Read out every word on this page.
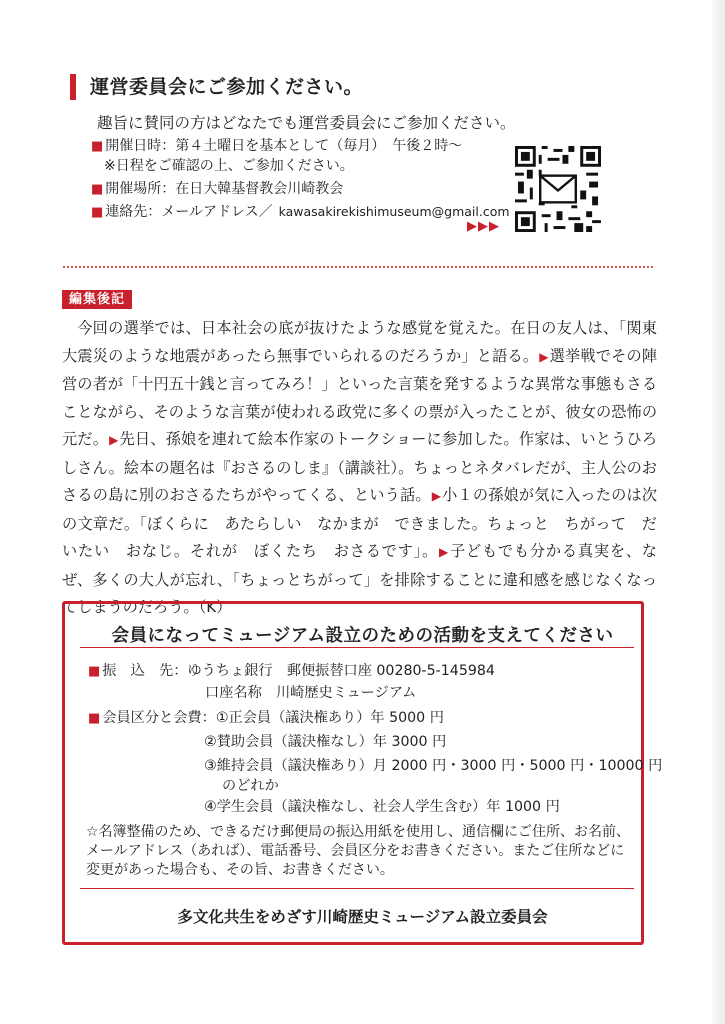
運営委員会にご参加ください。
趣旨に賛同の方はどなたでも運営委員会にご参加ください。
■ 開催日時：第４土曜日を基本として（毎月）　午後２時〜
※日程をご確認の上、ご参加ください。
■ 開催場所：在日大韓基督教会川崎教会
■ 連絡先：メールアドレス／ kawasakirekishimuseum@gmail.com
▶▶▶
編集後記

今回の選挙では、日本社会の底が抜けたような感覚を覚えた。在日の友人は、「関東大震災のような地震があったら無事でいられるのだろうか」と語る。▶選挙戦でその陣営の者が「十円五十銭と言ってみろ！」といった言葉を発するような異常な事態もさることながら、そのような言葉が使われる政党に多くの票が入ったことが、彼女の恐怖の元だ。▶先日、孫娘を連れて絵本作家のトークショーに参加した。作家は、いとうひろしさん。絵本の題名は『おさるのしま』（講談社）。ちょっとネタバレだが、主人公のおさるの島に別のおさるたちがやってくる、という話。▶小１の孫娘が気に入ったのは次の文章だ。「ぼくらに　あたらしい　なかまが　できました。ちょっと　ちがって　だいたい　おなじ。それが　ぼくたち　おさるです」。▶子どもでも分かる真実を、なぜ、多くの大人が忘れ、「ちょっとちがって」を排除することに違和感を感じなくなってしまうのだろう。（K）

会員になってミュージアム設立のための活動を支えてください
■ 振　込　先：ゆうちょ銀行　郵便振替口座 00280-5-145984
口座名称　川崎歴史ミュージアム
■ 会員区分と会費：①正会員（議決権あり）年 5000 円
②賛助会員（議決権なし）年 3000 円
③維持会員（議決権あり）月 2000 円・3000 円・5000 円・10000 円
のどれか
④学生会員（議決権なし、社会人学生含む）年 1000 円

☆名簿整備のため、できるだけ郵便局の振込用紙を使用し、通信欄にご住所、お名前、メールアドレス（あれば）、電話番号、会員区分をお書きください。またご住所などに変更があった場合も、その旨、お書きください。

多文化共生をめざす川崎歴史ミュージアム設立委員会
